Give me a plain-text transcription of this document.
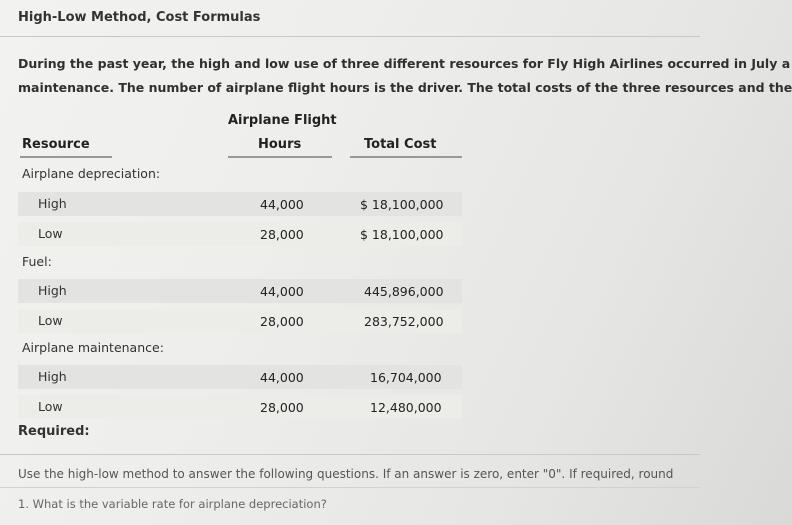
High-Low Method, Cost Formulas
During the past year, the high and low use of three different resources for Fly High Airlines occurred in July a
maintenance. The number of airplane flight hours is the driver. The total costs of the three resources and the
Airplane Flight
Resource	Hours	Total Cost
Airplane depreciation:
High	44,000	$ 18,100,000
Low	28,000	$ 18,100,000
Fuel:
High	44,000	445,896,000
Low	28,000	283,752,000
Airplane maintenance:
High	44,000	16,704,000
Low	28,000	12,480,000
Required:
Use the high-low method to answer the following questions. If an answer is zero, enter "0". If required, round
1. What is the variable rate for airplane depreciation?
